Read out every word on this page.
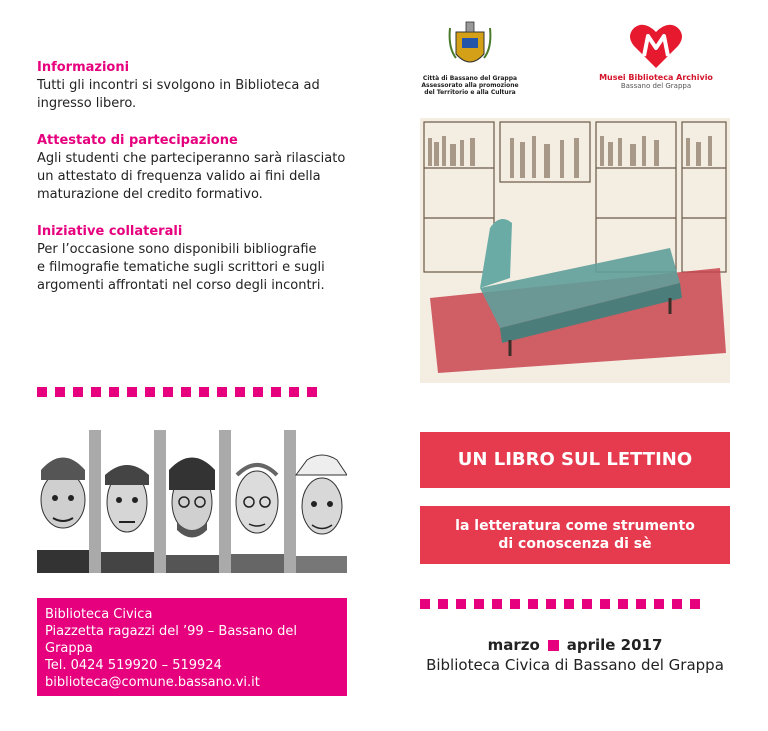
Informazioni
Tutti gli incontri si svolgono in Biblioteca ad
ingresso libero.
Attestato di partecipazione
Agli studenti che parteciperanno sarà rilasciato
un attestato di frequenza valido ai fini della
maturazione del credito formativo.
Iniziative collaterali
Per l’occasione sono disponibili bibliografie
e filmografie tematiche sugli scrittori e sugli
argomenti affrontati nel corso degli incontri.
Biblioteca Civica
Piazzetta ragazzi del ’99 – Bassano del Grappa
Tel. 0424 519920 – 519924
biblioteca@comune.bassano.vi.it
Città di Bassano del Grappa
Assessorato alla promozione
del Territorio e alla Cultura
Musei Biblioteca Archivio
Bassano del Grappa
UN LIBRO SUL LETTINO
la letteratura come strumento
di conoscenza di sè
marzo aprile 2017
Biblioteca Civica di Bassano del Grappa
